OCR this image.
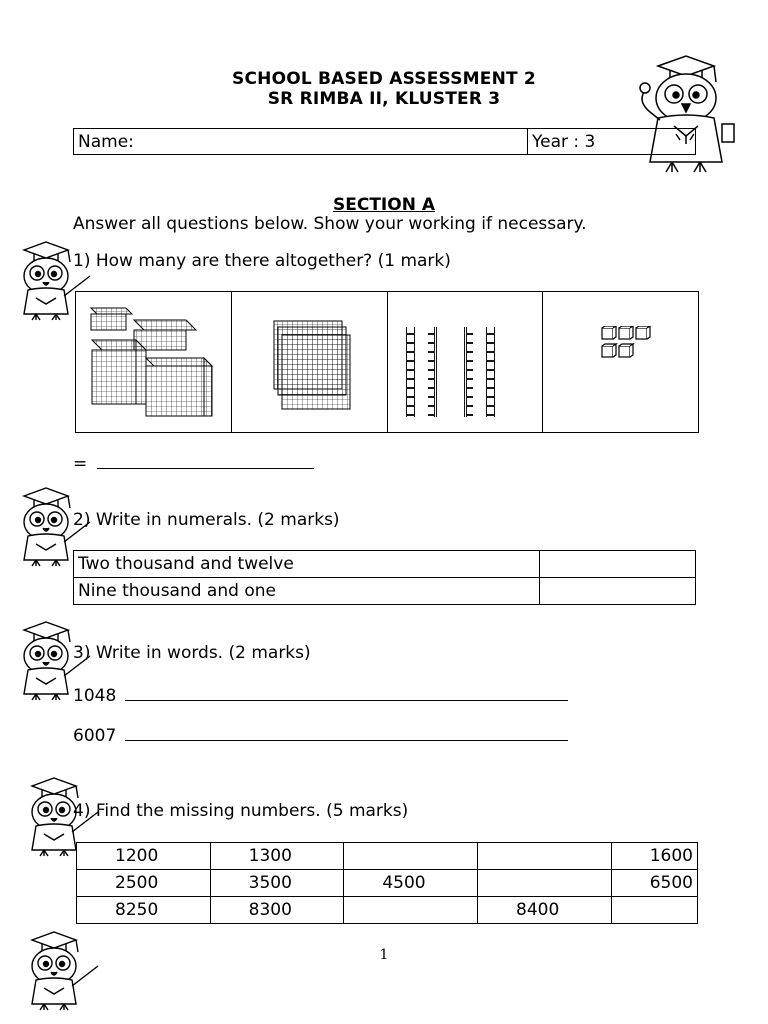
SCHOOL BASED ASSESSMENT 2
SR RIMBA II, KLUSTER 3
Name:	Year : 3
SECTION A
Answer all questions below. Show your working if necessary.
1) How many are there altogether? (1 mark)
=
2) Write in numerals. (2 marks)
Two thousand and twelve	
Nine thousand and one	
3) Write in words. (2 marks)
1048
6007
4) Find the missing numbers. (5 marks)
1200	1300			1600
2500	3500	4500		6500
8250	8300		8400	
1
